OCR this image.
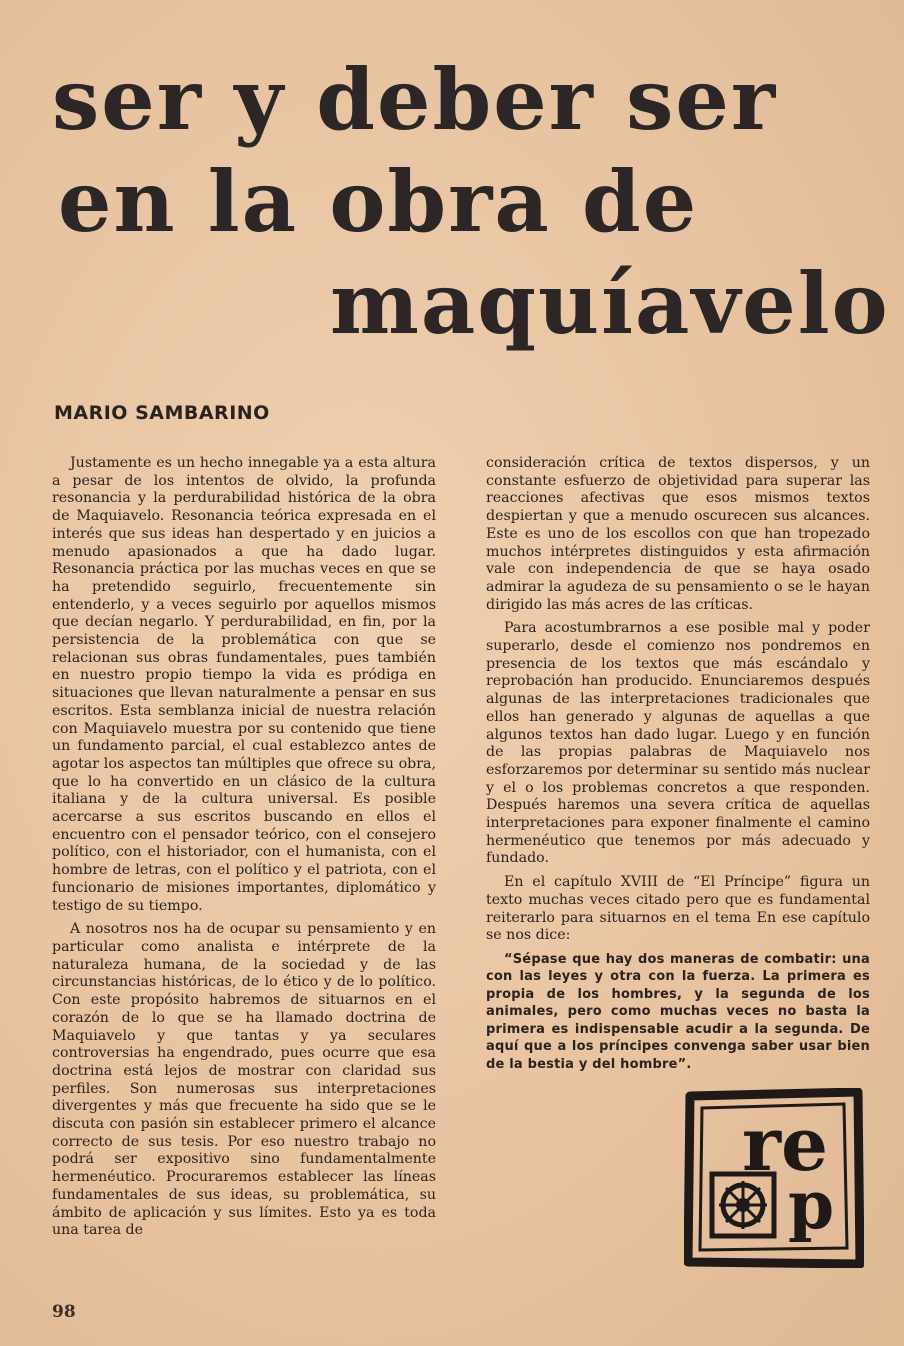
ser y deber ser
en la obra de
maquíavelo
MARIO SAMBARINO

Justamente es un hecho innegable ya a esta altura a pesar de los intentos de olvido, la profunda resonancia y la perdurabilidad histórica de la obra de Maquiavelo. Resonancia teórica expresada en el interés que sus ideas han despertado y en juicios a menudo apasionados a que ha dado lugar. Resonancia práctica por las muchas veces en que se ha pretendido seguirlo, frecuentemente sin entenderlo, y a veces seguirlo por aquellos mismos que decían negarlo. Y perdurabilidad, en fin, por la persistencia de la problemática con que se relacionan sus obras fundamentales, pues también en nuestro propio tiempo la vida es pródiga en situaciones que llevan naturalmente a pensar en sus escritos. Esta semblanza inicial de nuestra relación con Maquiavelo muestra por su contenido que tiene un fundamento parcial, el cual establezco antes de agotar los aspectos tan múltiples que ofrece su obra, que lo ha convertido en un clásico de la cultura italiana y de la cultura universal. Es posible acercarse a sus escritos buscando en ellos el encuentro con el pensador teórico, con el consejero político, con el historiador, con el humanista, con el hombre de letras, con el político y el patriota, con el funcionario de misiones importantes, diplomático y testigo de su tiempo.

A nosotros nos ha de ocupar su pensamiento y en particular como analista e intérprete de la naturaleza humana, de la sociedad y de las circunstancias históricas, de lo ético y de lo político. Con este propósito habremos de situarnos en el corazón de lo que se ha llamado doctrina de Maquiavelo y que tantas y ya seculares controversias ha engendrado, pues ocurre que esa doctrina está lejos de mostrar con claridad sus perfiles. Son numerosas sus interpretaciones divergentes y más que frecuente ha sido que se le discuta con pasión sin establecer primero el alcance correcto de sus tesis. Por eso nuestro trabajo no podrá ser expositivo sino fundamentalmente hermenéutico. Procuraremos establecer las líneas fundamentales de sus ideas, su problemática, su ámbito de aplicación y sus límites. Esto ya es toda una tarea de

consideración crítica de textos dispersos, y un constante esfuerzo de objetividad para superar las reacciones afectivas que esos mismos textos despiertan y que a menudo oscurecen sus alcances. Este es uno de los escollos con que han tropezado muchos intérpretes distinguidos y esta afirmación vale con independencia de que se haya osado admirar la agudeza de su pensamiento o se le hayan dirigido las más acres de las críticas.

Para acostumbrarnos a ese posible mal y poder superarlo, desde el comienzo nos pondremos en presencia de los textos que más escándalo y reprobación han producido. Enunciaremos después algunas de las interpretaciones tradicionales que ellos han generado y algunas de aquellas a que algunos textos han dado lugar. Luego y en función de las propias palabras de Maquiavelo nos esforzaremos por determinar su sentido más nuclear y el o los problemas concretos a que responden. Después haremos una severa crítica de aquellas interpretaciones para exponer finalmente el camino hermenéutico que tenemos por más adecuado y fundado.

En el capítulo XVIII de “El Príncipe” figura un texto muchas veces citado pero que es fundamental reiterarlo para situarnos en el tema En ese capítulo se nos dice:

“Sépase que hay dos maneras de combatir: una con las leyes y otra con la fuerza. La primera es propia de los hombres, y la segunda de los animales, pero como muchas veces no basta la primera es indispensable acudir a la segunda. De aquí que a los príncipes convenga saber usar bien de la bestia y del hombre”.

re
p
98
